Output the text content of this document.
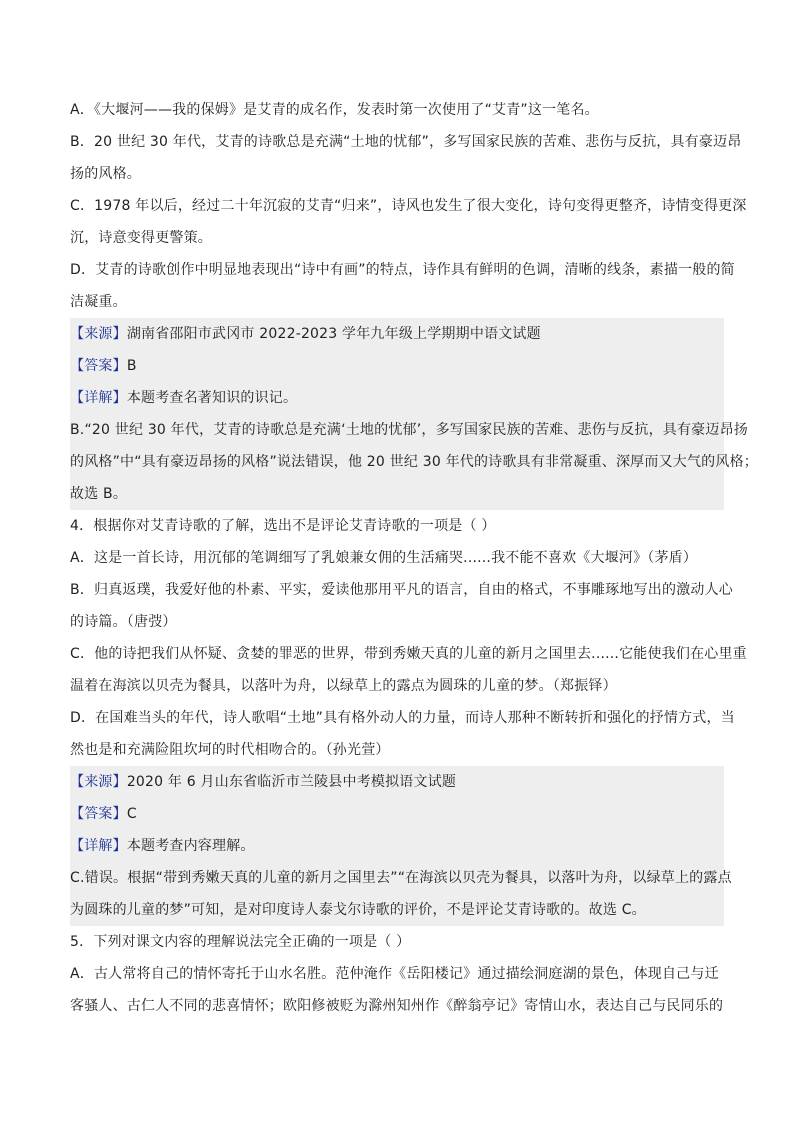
A．《大堰河——我的保姆》是艾青的成名作，发表时第一次使用了“艾青”这一笔名。

B．20 世纪 30 年代，艾青的诗歌总是充满“土地的忧郁”，多写国家民族的苦难、悲伤与反抗，具有豪迈昂
扬的风格。

C．1978 年以后，经过二十年沉寂的艾青“归来”，诗风也发生了很大变化，诗句变得更整齐，诗情变得更深
沉，诗意变得更警策。

D．艾青的诗歌创作中明显地表现出“诗中有画”的特点，诗作具有鲜明的色调，清晰的线条，素描一般的简
洁凝重。

【来源】湖南省邵阳市武冈市 2022-2023 学年九年级上学期期中语文试题

【答案】B

【详解】本题考查名著知识的识记。

B.“20 世纪 30 年代，艾青的诗歌总是充满‘土地的忧郁’，多写国家民族的苦难、悲伤与反抗，具有豪迈昂扬
的风格”中“具有豪迈昂扬的风格”说法错误，他 20 世纪 30 年代的诗歌具有非常凝重、深厚而又大气的风格；
故选 B。

4．根据你对艾青诗歌的了解，选出不是评论艾青诗歌的一项是（ ）

A．这是一首长诗，用沉郁的笔调细写了乳娘兼女佣的生活痛哭......我不能不喜欢《大堰河》（茅盾）

B．归真返璞，我爱好他的朴素、平实，爱读他那用平凡的语言，自由的格式，不事雕琢地写出的激动人心
的诗篇。（唐弢）

C．他的诗把我们从怀疑、贪婪的罪恶的世界，带到秀嫩天真的儿童的新月之国里去......它能使我们在心里重
温着在海滨以贝壳为餐具，以落叶为舟，以绿草上的露点为圆珠的儿童的梦。（郑振铎）

D．在国难当头的年代，诗人歌唱“土地”具有格外动人的力量，而诗人那种不断转折和强化的抒情方式，当
然也是和充满险阻坎坷的时代相吻合的。（孙光萱）

【来源】2020 年 6 月山东省临沂市兰陵县中考模拟语文试题

【答案】C

【详解】本题考查内容理解。

C.错误。根据“带到秀嫩天真的儿童的新月之国里去”“在海滨以贝壳为餐具，以落叶为舟，以绿草上的露点
为圆珠的儿童的梦”可知，是对印度诗人泰戈尔诗歌的评价，不是评论艾青诗歌的。故选 C。

5．下列对课文内容的理解说法完全正确的一项是（ ）

A．古人常将自己的情怀寄托于山水名胜。范仲淹作《岳阳楼记》通过描绘洞庭湖的景色，体现自己与迁
客骚人、古仁人不同的悲喜情怀；欧阳修被贬为滁州知州作《醉翁亭记》寄情山水，表达自己与民同乐的
